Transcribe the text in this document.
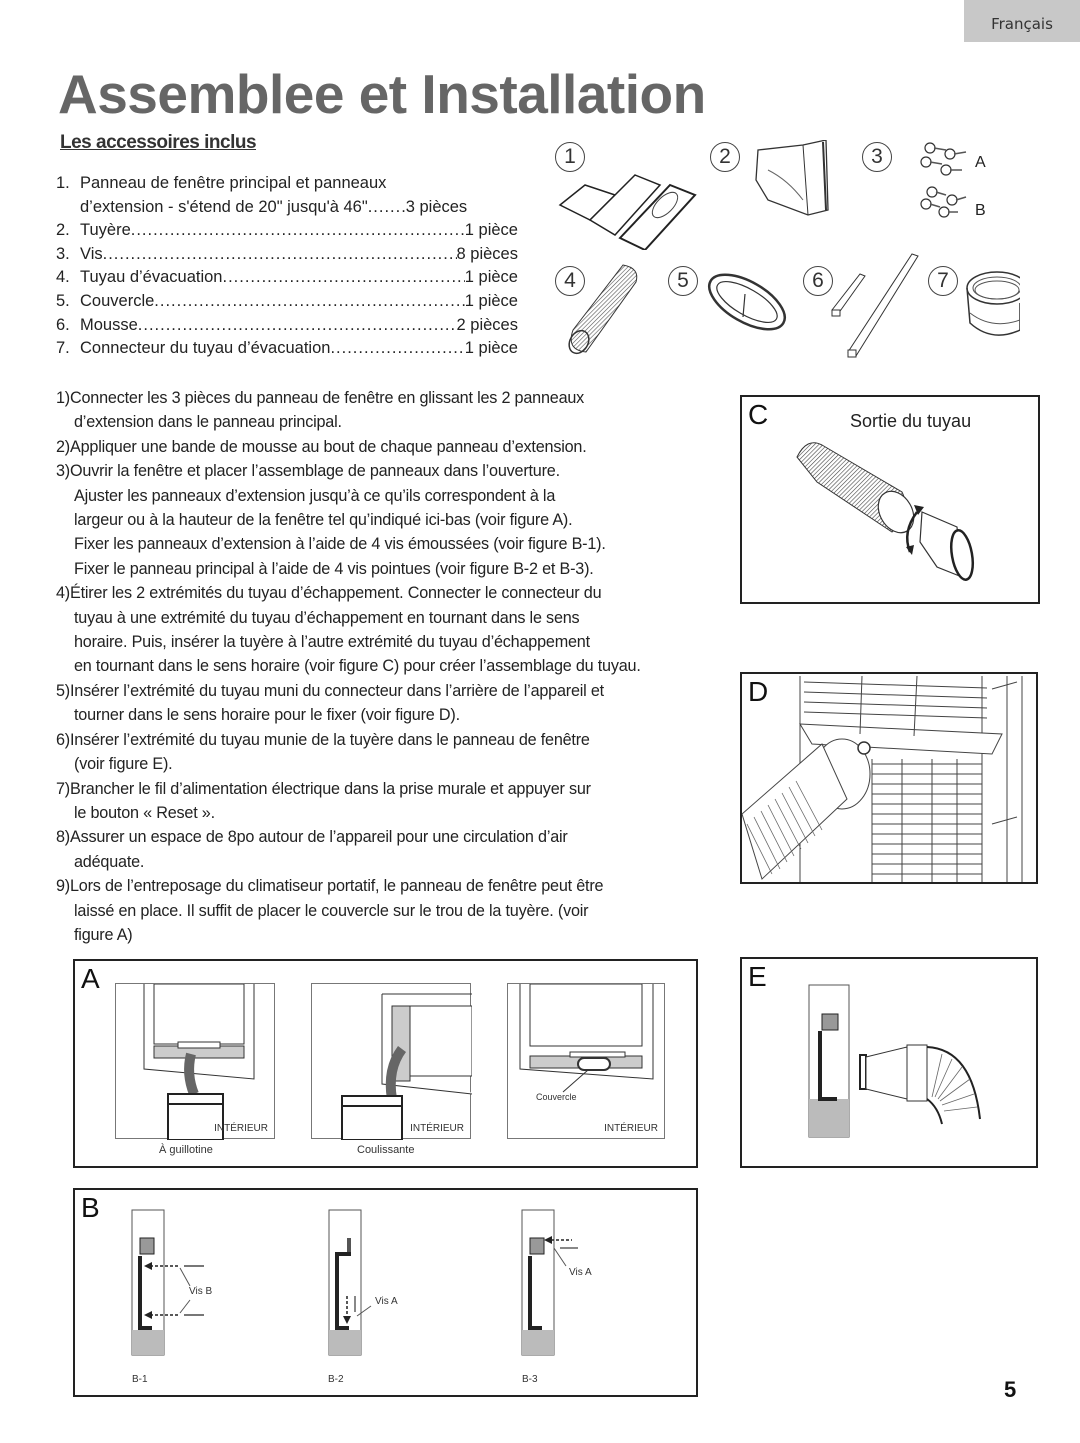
Français
Assemblee et Installation
Les accessoires inclus
1. Panneau de fenêtre principal et panneaux
d’extension - s'étend de 20" jusqu'à 46" ..... 3 pièces
2. Tuyère .....	1 pièce
3. Vis .....	8 pièces
4. Tuyau d’évacuation .....	1 pièce
5. Couvercle .....	1 pièce
6. Mousse .....	2 pièces
7. Connecteur du tuyau d’évacuation .....	1 pièce
1	2	3
4	5	6	7
A
B
1)Connecter les 3 pièces du panneau de fenêtre en glissant les 2 panneaux
d’extension dans le panneau principal.
2)Appliquer une bande de mousse au bout de chaque panneau d’extension.
3)Ouvrir la fenêtre et placer l’assemblage de panneaux dans l’ouverture.
Ajuster les panneaux d’extension jusqu’à ce qu’ils correspondent à la
largeur ou à la hauteur de la fenêtre tel qu’indiqué ici-bas (voir figure A).
Fixer les panneaux d’extension à l’aide de 4 vis émoussées (voir figure B-1).
Fixer le panneau principal à l’aide de 4 vis pointues (voir figure B-2 et B-3).
4)Étirer les 2 extrémités du tuyau d’échappement. Connecter le connecteur du
tuyau à une extrémité du tuyau d’échappement en tournant dans le sens
horaire. Puis, insérer la tuyère à l’autre extrémité du tuyau d’échappement
en tournant dans le sens horaire (voir figure C) pour créer l’assemblage du tuyau.
5)Insérer l’extrémité du tuyau muni du connecteur dans l’arrière de l’appareil et
tourner dans le sens horaire pour le fixer (voir figure D).
6)Insérer l’extrémité du tuyau munie de la tuyère dans le panneau de fenêtre
(voir figure E).
7)Brancher le fil d’alimentation électrique dans la prise murale et appuyer sur
le bouton « Reset ».
8)Assurer un espace de 8po autour de l’appareil pour une circulation d’air
adéquate.
9)Lors de l’entreposage du climatiseur portatif, le panneau de fenêtre peut être
laissé en place. Il suffit de placer le couvercle sur le trou de la tuyère. (voir
figure A)
C	Sortie du tuyau
D
A
INTÉRIEUR
À guillotine
INTÉRIEUR
Coulissante
Couvercle
INTÉRIEUR
E
B
Vis B
B-1
Vis A
B-2
Vis A
B-3	5
